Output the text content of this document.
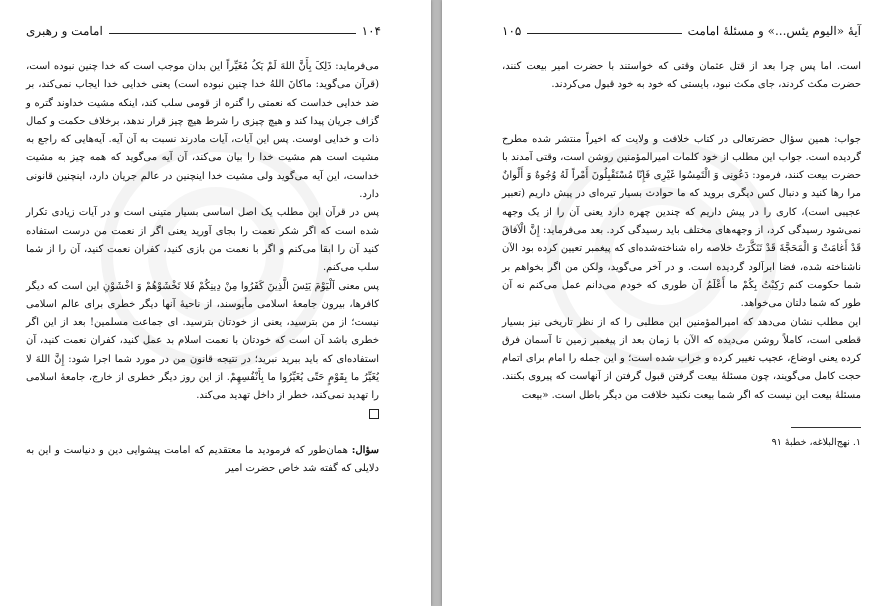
۱۰۴
امامت و رهبری

می‌فرماید: ذَلِکَ بِأَنَّ اللهَ لَمْ یَکُ مُغَیِّراً این بدان موجب است که خدا چنین نبوده است، (قرآن می‌گوید: ماکانَ اللهُ خدا چنین نبوده است) یعنی خدایی خدا ایجاب نمی‌کند، بر ضد خدایی خداست که نعمتی را گتره از قومی سلب کند، اینکه مشیت خداوند گتره و گزاف جریان پیدا کند و هیچ چیزی را شرط هیچ چیز قرار ندهد، برخلاف حکمت و کمال ذات و خدایی اوست. پس این آیات، آیات مادرند نسبت به آن آیه. آیه‌هایی که راجع به مشیت است هم مشیت خدا را بیان می‌کند، آن آیه می‌گوید که همه چیز به مشیت خداست، این آیه می‌گوید ولی مشیت خدا اینچنین در عالم جریان دارد، اینچنین قانونی دارد.

پس در قرآن این مطلب یک اصل اساسی بسیار متینی است و در آیات زیادی تکرار شده است که اگر شکر نعمت را بجای آورید یعنی اگر از نعمت من درست استفاده کنید آن را ابقا می‌کنم و اگر با نعمت من بازی کنید، کفران نعمت کنید، آن را از شما سلب می‌کنم.

پس معنی اَلْیَوْمَ یَئِسَ الَّذِینَ کَفَرُوا مِنْ دِینِکُمْ فَلا تَخْشَوْهُمْ وَ اخْشَوْنِ این است که دیگر کافرها، بیرون جامعهٔ اسلامی مأیوسند، از ناحیهٔ آنها دیگر خطری برای عالم اسلامی نیست؛ از من بترسید، یعنی از خودتان بترسید. ای جماعت مسلمین! بعد از این اگر خطری باشد آن است که خودتان با نعمت اسلام بد عمل کنید، کفران نعمت کنید، آن استفاده‌ای که باید ببرید نبرید؛ در نتیجه قانون من در مورد شما اجرا شود: إِنَّ اللهَ لا یُغَیِّرُ ما بِقَوْمٍ حَتّی یُغَیِّرُوا ما بِأَنْفُسِهِمْ. از این روز دیگر خطری از خارج، جامعهٔ اسلامی را تهدید نمی‌کند، خطر از داخل تهدید می‌کند.

سؤال: همان‌طور که فرمودید ما معتقدیم که امامت پیشوایی دین و دنیاست و این به دلایلی که گفته شد خاص حضرت امیر

آیهٔ «الیوم یئس...» و مسئلهٔ امامت
۱۰۵

است. اما پس چرا بعد از قتل عثمان وقتی که خواستند با حضرت امیر بیعت کنند، حضرت مکث کردند، جای مکث نبود، بایستی که خود به خود قبول می‌کردند.

جواب: همین سؤال حضرتعالی در کتاب خلافت و ولایت که اخیراً منتشر شده مطرح گردیده است. جواب این مطلب از خود کلمات امیرالمؤمنین روشن است، وقتی آمدند با حضرت بیعت کنند، فرمود: دَعُونِی وَ الْتَمِسُوا غَیْرِی فَإِنّا مُسْتَقْبِلُونَ أَمْراً لَهُ وُجُوهٌ وَ أَلْوانٌ مرا رها کنید و دنبال کس دیگری بروید که ما حوادث بسیار تیره‌ای در پیش داریم (تعبیر عجیبی است)، کاری را در پیش داریم که چندین چهره دارد یعنی آن را از یک وجهه نمی‌شود رسیدگی کرد، از وجهه‌های مختلف باید رسیدگی کرد. بعد می‌فرماید: إِنَّ الْآفاقَ قَدْ أَغامَتْ وَ الْمَحَجَّةَ قَدْ تَنَکَّرَتْ خلاصه راه شناخته‌شده‌ای که پیغمبر تعیین کرده بود الآن ناشناخته شده، فضا ابرآلود گردیده است. و در آخر می‌گوید، ولکن من اگر بخواهم بر شما حکومت کنم رَکِبْتُ بِکُمْ ما أَعْلَمُ آن طوری که خودم می‌دانم عمل می‌کنم نه آن طور که شما دلتان می‌خواهد.

این مطلب نشان می‌دهد که امیرالمؤمنین این مطلبی را که از نظر تاریخی نیز بسیار قطعی است، کاملاً روشن می‌دیده که الآن با زمان بعد از پیغمبر زمین تا آسمان فرق کرده یعنی اوضاع، عجیب تغییر کرده و خراب شده است؛ و این جمله را امام برای اتمام حجت کامل می‌گویند، چون مسئلهٔ بیعت گرفتن قبول گرفتن از آنهاست که پیروی بکنند. مسئلهٔ بیعت این نیست که اگر شما بیعت نکنید خلافت من دیگر باطل است. «بیعت

۱. نهج‌البلاغه، خطبهٔ ۹۱
